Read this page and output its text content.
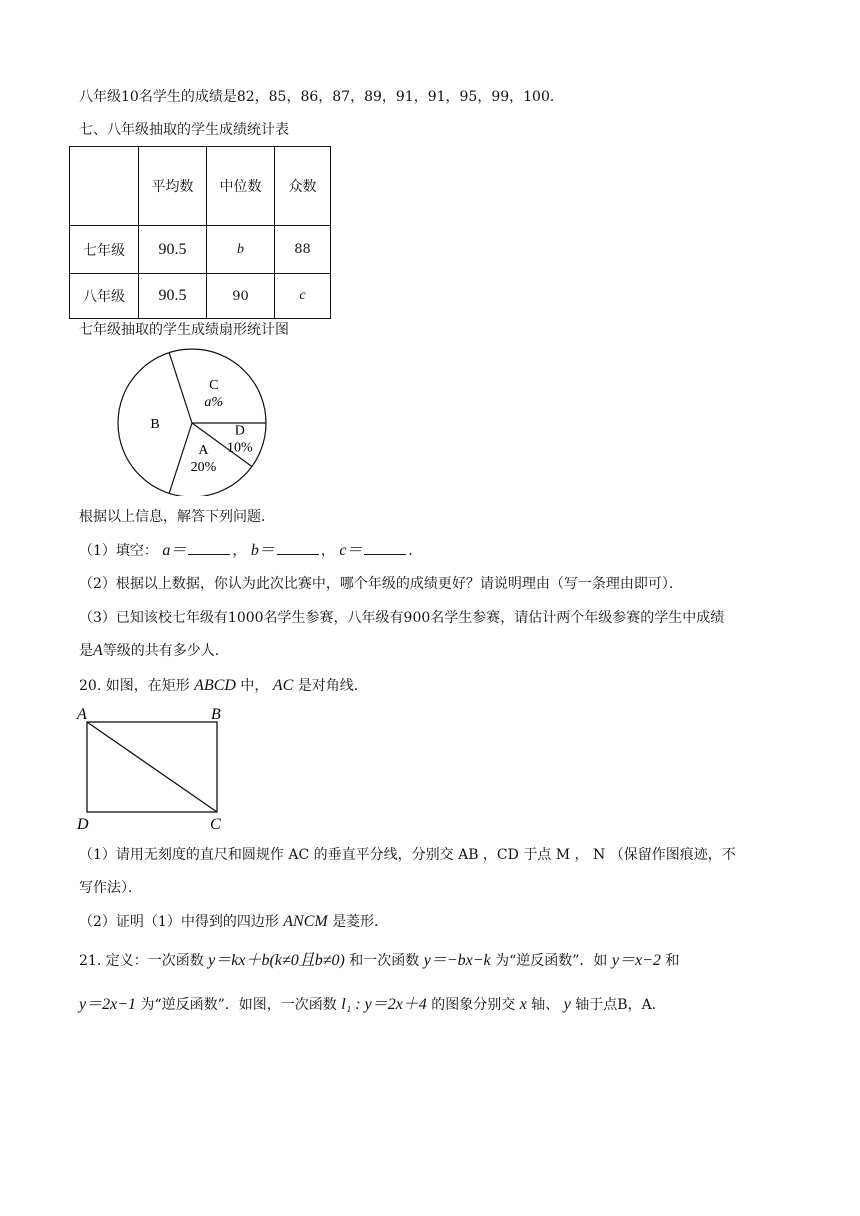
八年级10名学生的成绩是82，85，86，87，89，91，91，95，99，100．
七、八年级抽取的学生成绩统计表
	平均数	中位数	众数
七年级	90.5	b	88
八年级	90.5	90	c
七年级抽取的学生成绩扇形统计图
A
20%
B
C
a%
D
10%
根据以上信息，解答下列问题．
（1）填空： a＝	， b＝	， c＝	．
（2）根据以上数据，你认为此次比赛中，哪个年级的成绩更好？请说明理由（写一条理由即可）．
（3）已知该校七年级有1000名学生参赛，八年级有900名学生参赛，请估计两个年级参赛的学生中成绩
是A等级的共有多少人．
20. 如图，在矩形 ABCD 中， AC 是对角线．
A	B
D	C
（1）请用无刻度的直尺和圆规作 AC 的垂直平分线，分别交 AB ，CD 于点 M ， N （保留作图痕迹，不
写作法）．
（2）证明（1）中得到的四边形 ANCM 是菱形．
21. 定义：一次函数 y＝kx＋b(k≠0且b≠0) 和一次函数 y＝−bx−k 为“逆反函数”．如 y＝x−2 和
y＝2x−1 为“逆反函数”．如图，一次函数 l₁ : y＝2x＋4 的图象分别交 x 轴、 y 轴于点B，A．
